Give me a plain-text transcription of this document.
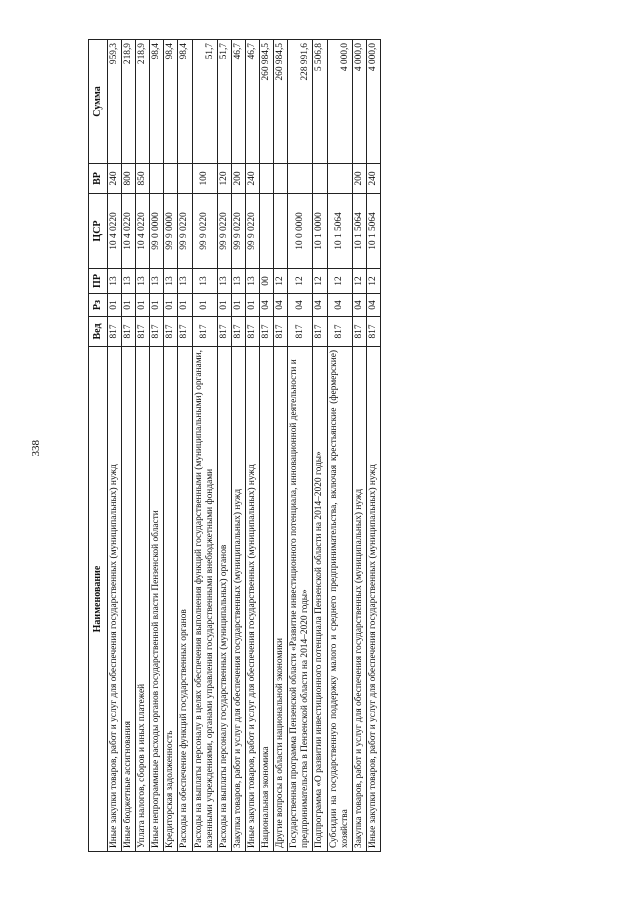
338
Наименование	Вед	Рз	ПР	ЦСР	ВР	Сумма
Иные закупки товаров, работ и услуг для обеспечения государственных (муниципальных) нужд	817	01	13	10 4 0220	240	959,3
Иные бюджетные ассигнования	817	01	13	10 4 0220	800	218,9
Уплата налогов, сборов и иных платежей	817	01	13	10 4 0220	850	218,9
Иные непрограммные расходы органов государственной власти Пензенской области	817	01	13	99 0 0000		98,4
Кредиторская задолженность	817	01	13	99 9 0000		98,4
Расходы на обеспечение функций государственных органов	817	01	13	99 9 0220		98,4
Расходы на выплаты персоналу в целях обеспечения выполнения функций государственными (муниципальными) органами, казенными учреждениями, органами управления государственными внебюджетными фондами	817	01	13	99 9 0220	100	51,7
Расходы на выплаты персоналу государственных (муниципальных) органов	817	01	13	99 9 0220	120	51,7
Закупка товаров, работ и услуг для обеспечения государственных (муниципальных) нужд	817	01	13	99 9 0220	200	46,7
Иные закупки товаров, работ и услуг для обеспечения государственных (муниципальных) нужд	817	01	13	99 9 0220	240	46,7
Национальная экономика	817	04	00			260 984,5
Другие вопросы в области национальной экономики	817	04	12			260 984,5
Государственная программа Пензенской области «Развитие инвестиционного потенциала, инновационной деятельности и предпринимательства в Пензенской области на 2014–2020 годы»	817	04	12	10 0 0000		228 991,6
Подпрограмма «О развитии инвестиционного потенциала Пензенской области на 2014–2020 годы»	817	04	12	10 1 0000		5 506,8
Субсидии на государственную поддержку малого и среднего предпринимательства, включая крестьянские (фермерские) хозяйства	817	04	12	10 1 5064		4 000,0
Закупка товаров, работ и услуг для обеспечения государственных (муниципальных) нужд	817	04	12	10 1 5064	200	4 000,0
Иные закупки товаров, работ и услуг для обеспечения государственных (муниципальных) нужд	817	04	12	10 1 5064	240	4 000,0
